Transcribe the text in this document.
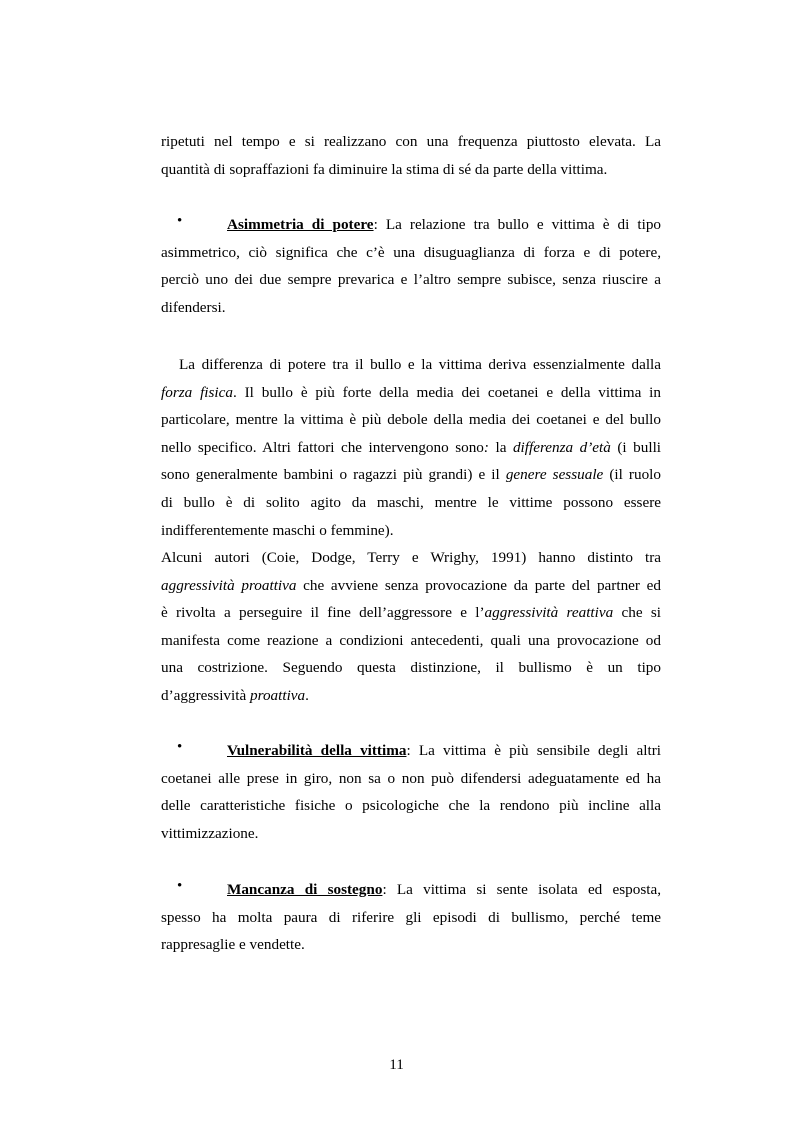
ripetuti nel tempo e si realizzano con una frequenza piuttosto elevata. La
quantità di sopraffazioni fa diminuire la stima di sé da parte della vittima.
•	Asimmetria di potere: La relazione tra bullo e vittima è di tipo
asimmetrico, ciò significa che c’è una disuguaglianza di forza e di potere,
perciò uno dei due sempre prevarica e l’altro sempre subisce, senza riuscire a
difendersi.
La differenza di potere tra il bullo e la vittima deriva essenzialmente dalla
forza fisica. Il bullo è più forte della media dei coetanei e della vittima in
particolare, mentre la vittima è più debole della media dei coetanei e del bullo
nello specifico. Altri fattori che intervengono sono: la differenza d’età (i bulli
sono generalmente bambini o ragazzi più grandi) e il genere sessuale (il ruolo
di bullo è di solito agito da maschi, mentre le vittime possono essere
indifferentemente maschi o femmine).
Alcuni autori (Coie, Dodge, Terry e Wrighy, 1991) hanno distinto tra
aggressività proattiva che avviene senza provocazione da parte del partner ed
è rivolta a perseguire il fine dell’aggressore e l’aggressività reattiva che si
manifesta come reazione a condizioni antecedenti, quali una provocazione od
una costrizione. Seguendo questa distinzione, il bullismo è un tipo
d’aggressività proattiva.
•	Vulnerabilità della vittima: La vittima è più sensibile degli altri
coetanei alle prese in giro, non sa o non può difendersi adeguatamente ed ha
delle caratteristiche fisiche o psicologiche che la rendono più incline alla
vittimizzazione.
•	Mancanza di sostegno: La vittima si sente isolata ed esposta,
spesso ha molta paura di riferire gli episodi di bullismo, perché teme
rappresaglie e vendette.
11
